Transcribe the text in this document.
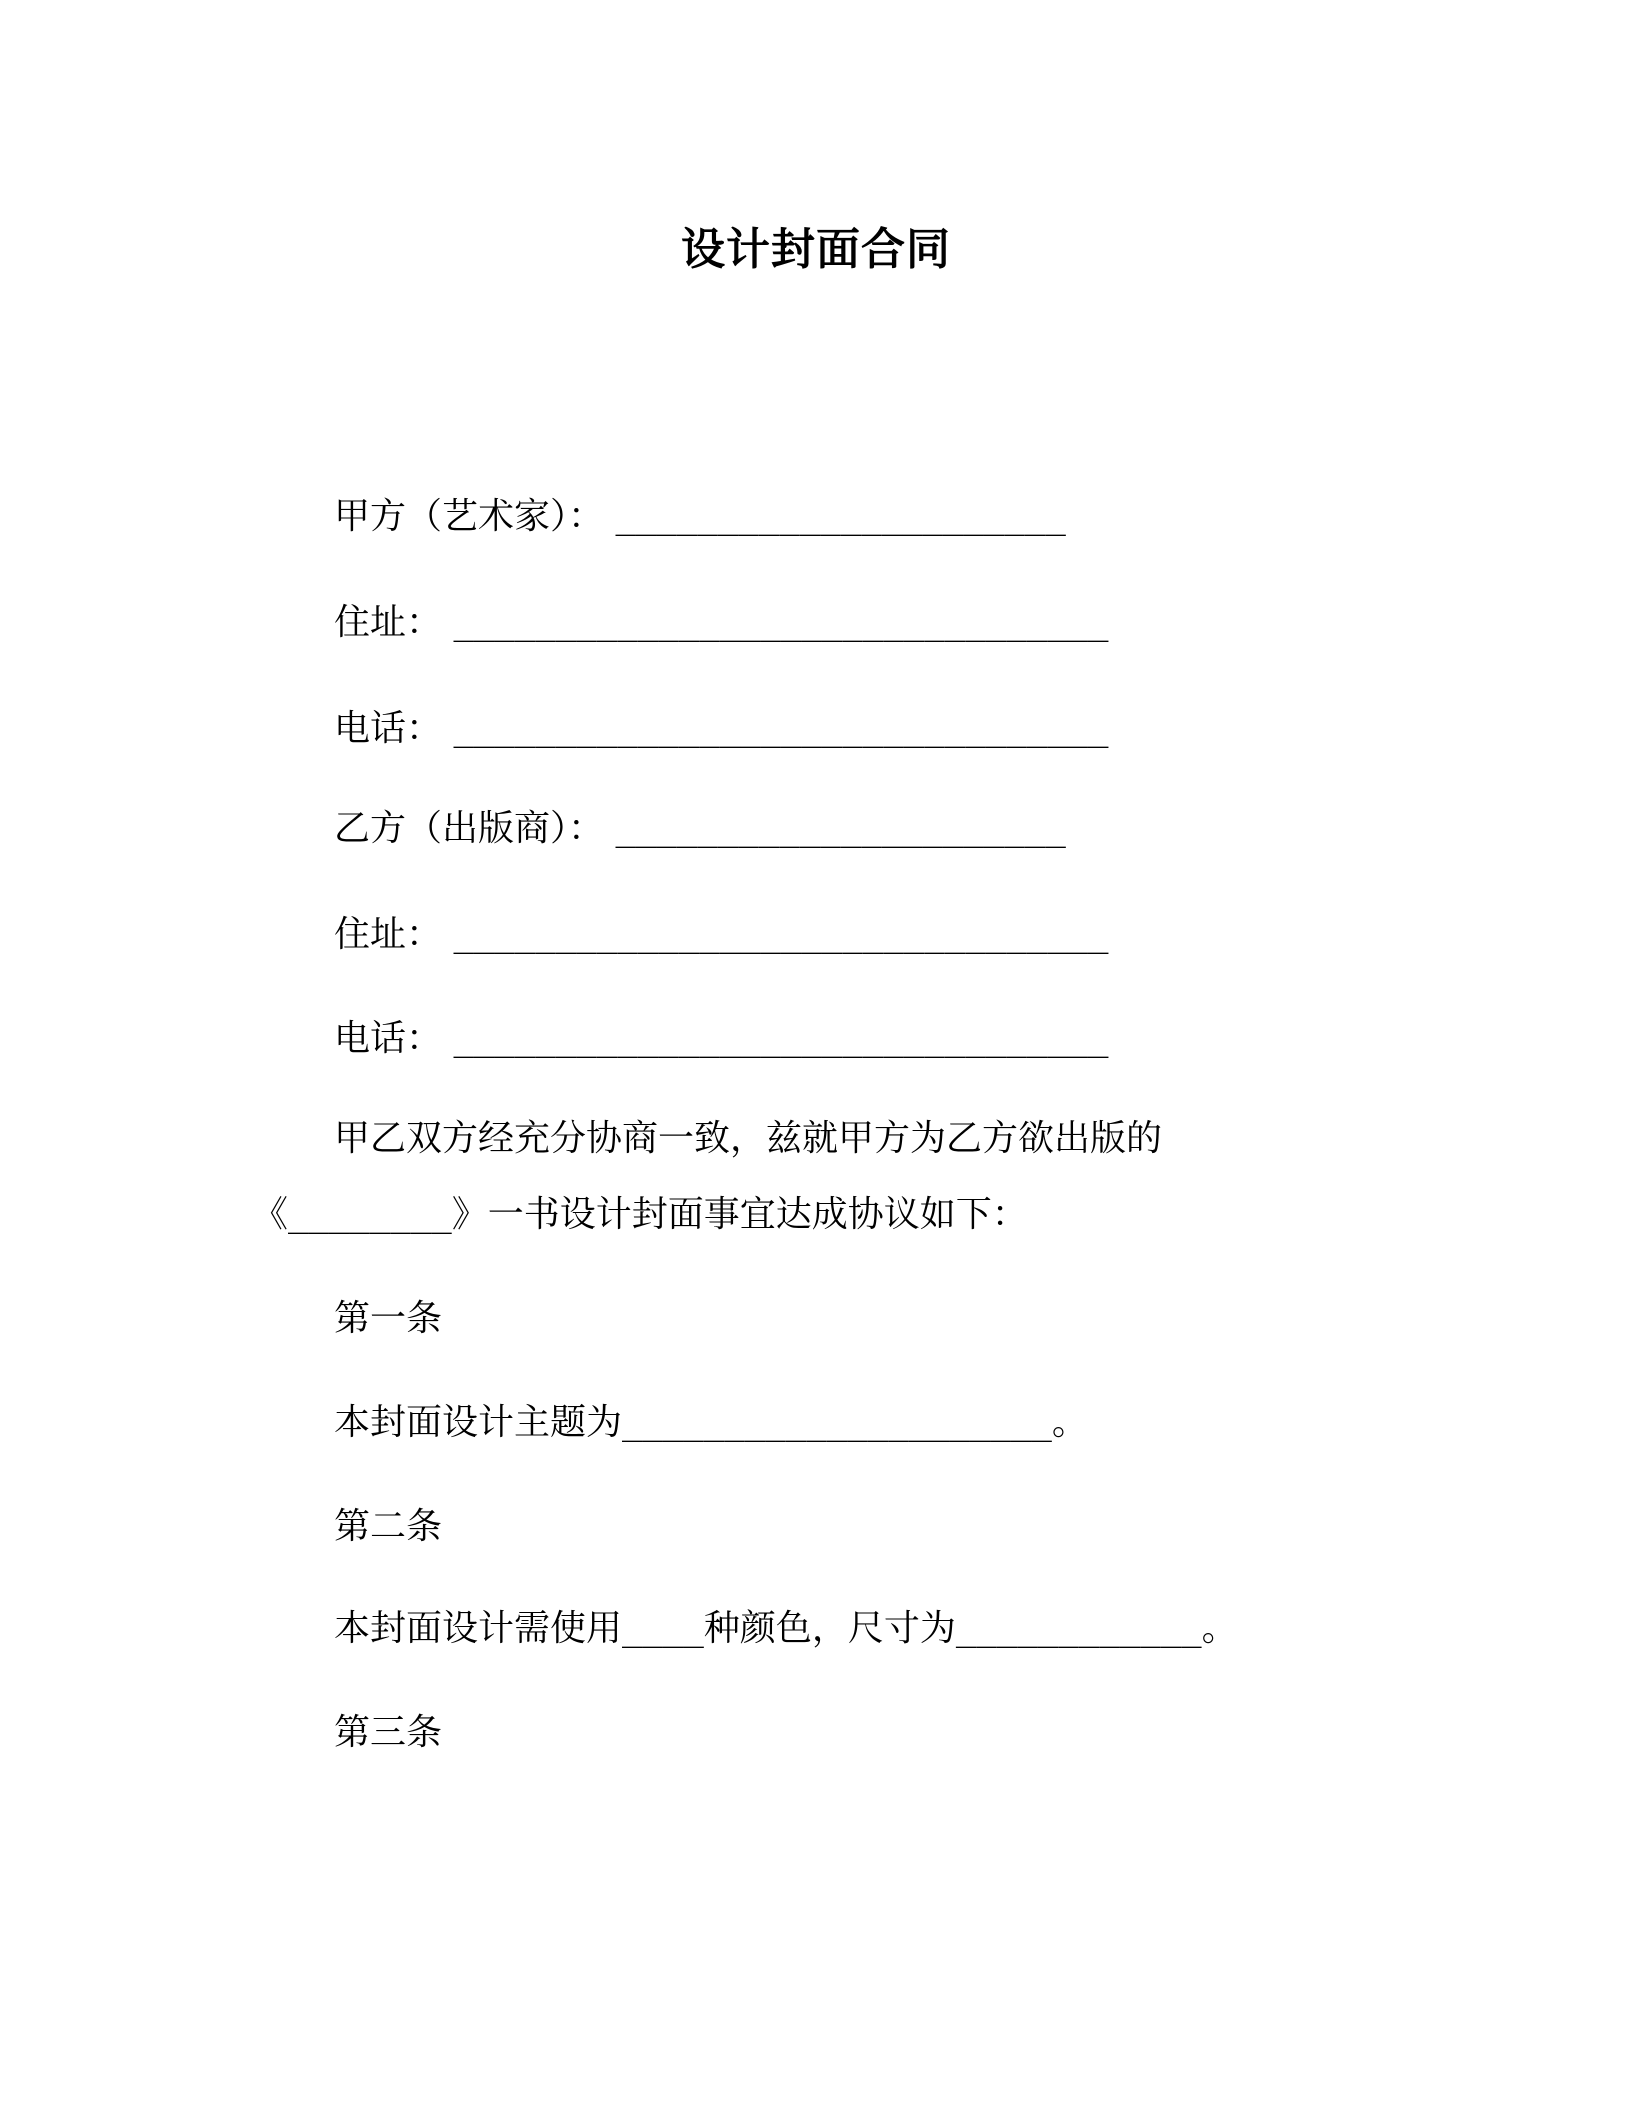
设计封面合同

甲方（艺术家）： ______________________

住址： ________________________________

电话： ________________________________

乙方（出版商）： ______________________

住址： ________________________________

电话： ________________________________

甲乙双方经充分协商一致，兹就甲方为乙方欲出版的

《________》一书设计封面事宜达成协议如下：

第一条

本封面设计主题为_____________________。

第二条

本封面设计需使用____种颜色，尺寸为____________。

第三条
